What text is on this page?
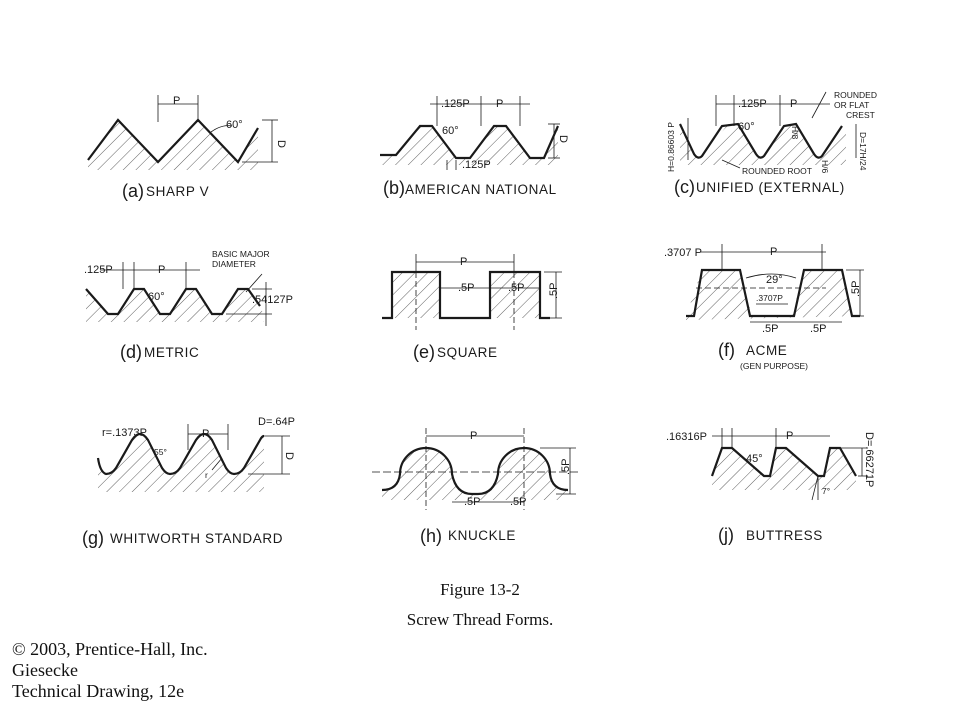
P
60°
D
(a) SHARP V
.125P P
60°
.125P
D
(b) AMERICAN NATIONAL
.125P P
60°
ROUNDED
OR FLAT
CREST
ROUNDED ROOT
H=0.86603 P	H/8
H/6	D=17H/24
(c) UNIFIED (EXTERNAL)
.125P	P
60°
BASIC MAJOR
DIAMETER
.54127P
(d) METRIC
P
.5P	.5P .5P
(e) SQUARE
.3707 P	P
29°
.3707P
.5P	.5P
.5P
(f) ACME
(GEN PURPOSE)
r=.1373P	P
D=.64P
55°
r
D
(g) WHITWORTH STANDARD
P
.5P	.5P
.5P
(h) KNUCKLE
.16316P	P
45°	D=.66271P
7°
(j) BUTTRESS
Figure 13-2
Screw Thread Forms.
© 2003, Prentice-Hall, Inc.
Giesecke
Technical Drawing, 12e
